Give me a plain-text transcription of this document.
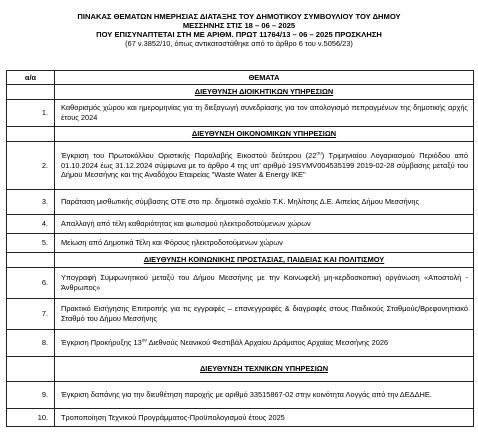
ΠΙΝΑΚΑΣ ΘΕΜΑΤΩΝ ΗΜΕΡΗΣΙΑΣ ΔΙΑΤΑΞΗΣ ΤΟΥ ΔΗΜΟΤΙΚΟΥ ΣΥΜΒΟΥΛΙΟΥ ΤΟΥ ΔΗΜΟΥ
ΜΕΣΣΗΝΗΣ ΣΤΙΣ 18 – 06 – 2025
ΠΟΥ ΕΠΙΣΥΝΑΠΤΕΤΑΙ ΣΤΗ ΜΕ ΑΡΙΘΜ. ΠΡΩΤ 11764/13 – 06 – 2025 ΠΡΟΣΚΛΗΣΗ
(67 ν.3852/10, όπως αντικαταστάθηκε από το άρθρο 6 του ν.5056/23)
α/α	ΘΕΜΑΤΑ
	ΔΙΕΥΘΥΝΣΗ ΔΙΟΙΚΗΤΙΚΩΝ ΥΠΗΡΕΣΙΩΝ
1.	Καθορισμός χώρου και ημερομηνίας για τη διεξαγωγή συνεδρίασης για τον απολογισμό πεπραγμένων της δημοτικής αρχής έτους 2024
	ΔΙΕΥΘΥΝΣΗ ΟΙΚΟΝΟΜΙΚΩΝ ΥΠΗΡΕΣΙΩΝ
2.	Έγκριση του Πρωτοκόλλου Οριστικής Παραλαβής Εικοστού δεύτερου $(22^{o\upsilon})$ Τριμηνιαίου Λογαριασμού Περιόδου από 01.10.2024 έως 31.12.2024 σύμφωνα με το άρθρο 4 της υπ' αριθμό 19SYMV004535199 2019-02-28 σύμβασης μεταξύ του Δήμου Μεσσήνης και της Αναδόχου Εταιρείας "Waste Water & Energy IKE"
3.	Παράταση μισθωτικής σύμβασης ΟΤΕ στο πρ. δημοτικό σχολείο Τ.Κ. Μηλίτσης Δ.Ε. Αιπείας Δήμου Μεσσήνης
4.	Απαλλαγή από τέλη καθαριότητας και φωτισμού ηλεκτροδοτούμενων χώρων
5.	Μείωση από Δημοτικά Τέλη και Φόρους ηλεκτροδοτούμενων χώρων
	ΔΙΕΥΘΥΝΣΗ ΚΟΙΝΩΝΙΚΗΣ ΠΡΟΣΤΑΣΙΑΣ, ΠΑΙΔΕΙΑΣ ΚΑΙ ΠΟΛΙΤΙΣΜΟΥ
6.	Υπογραφή Συμφωνητικού μεταξύ του Δήμου Μεσσήνης με την Κοινωφελή μη-κερδοσκοπική οργάνωση «Αποστολή - Άνθρωπος»
7.	Πρακτικό Εισήγησης Επιτροπής για τις εγγραφές – επανεγγραφές & διαγραφές στους Παιδικούς Σταθμούς/Βρεφονηπιακό Σταθμό του Δήμου Μεσσήνης
8.	Έγκριση Προκήρυξης $13^{o\upsilon}$ Διεθνούς Νεανικού Φεστιβάλ Αρχαίου Δράματος Αρχαίας Μεσσήνης 2026
	ΔΙΕΥΘΥΝΣΗ ΤΕΧΝΙΚΩΝ ΥΠΗΡΕΣΙΩΝ
9.	Έγκριση δαπάνης για την διευθέτηση παροχής με αριθμό 33515867-02 στην κοινότητα Λογγάς από την ΔΕΔΔΗΕ.
10.	Τροποποίηση Τεχνικού Προγράμματος-Προϋπολογισμού έτους 2025
